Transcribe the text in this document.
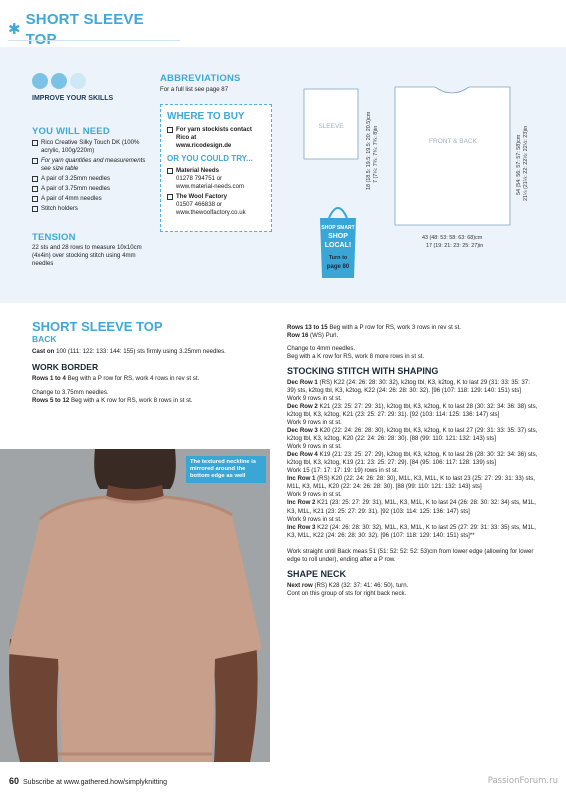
✱
SHORT SLEEVE TOP
IMPROVE YOUR SKILLS
YOU WILL NEED
Rico Creative Silky Touch DK (100% acrylic, 100g/220m)
For yarn quantities and measurements see size table
A pair of 3.25mm needles
A pair of 3.75mm needles
A pair of 4mm needles
Stitch holders
TENSION
22 sts and 28 rows to measure 10x10cm (4x4in) over stocking stitch using 4mm needles
ABBREVIATIONS
For a full list see page 87
WHERE TO BUY
For yarn stockists contact Rico at
www.ricodesign.de
OR YOU COULD TRY...
Material Needs
01278 794751 or
www.material-needs.com
The Wool Factory
01507 466838 or
www.thewoolfactory.co.uk
SLEEVE	18 (18.5: 19.5: 19.5: 20: 20.5)cm 7 (7¼: 7¾: 7¾: 7¾: 8)in	FRONT & BACK	54 (54: 56: 57: 57: 58)cm 21¼ (21¼: 22: 22½: 22½: 23)in
43 (48: 53: 58: 63: 68)cm
17 (19: 21: 23: 25: 27)in
SHOP SMART
SHOP
LOCAL!
Turn to
page 80
SHORT SLEEVE TOP
BACK
Cast on 100 (111: 122: 133: 144: 155) sts firmly using 3.25mm needles.
WORK BORDER
Rows 1 to 4 Beg with a P row for RS, work 4 rows in rev st st.
Change to 3.75mm needles.
Rows 5 to 12 Beg with a K row for RS, work 8 rows in st st.
The textured neckline is mirrored around the bottom edge as well
Rows 13 to 15 Beg with a P row for RS, work 3 rows in rev st st.
Row 16 (WS) Purl.
Change to 4mm needles.
Beg with a K row for RS, work 8 more rows in st st.
STOCKING STITCH WITH SHAPING

Dec Row 1 (RS) K22 (24: 26: 28: 30: 32), k2tog tbl, K3, k2tog, K to last 29 (31: 33: 35: 37: 39) sts, k2tog tbl, K3, k2tog, K22 (24: 26: 28: 30: 32). [96 (107: 118: 129: 140: 151) sts]

Work 9 rows in st st.

Dec Row 2 K21 (23: 25: 27: 29: 31), k2tog tbl, K3, k2tog, K to last 28 (30: 32: 34: 36: 38) sts, k2tog tbl, K3, k2tog, K21 (23: 25: 27: 29: 31). [92 (103: 114: 125: 136: 147) sts]

Work 9 rows in st st.

Dec Row 3 K20 (22: 24: 26: 28: 30), k2tog tbl, K3, k2tog, K to last 27 (29: 31: 33: 35: 37) sts, k2tog tbl, K3, k2tog, K20 (22: 24: 26: 28: 30). [88 (99: 110: 121: 132: 143) sts]

Work 9 rows in st st.

Dec Row 4 K19 (21: 23: 25: 27: 29), k2tog tbl, K3, k2tog, K to last 26 (28: 30: 32: 34: 36) sts, k2tog tbl, K3, k2tog, K19 (21: 23: 25: 27: 29). [84 (95: 106: 117: 128: 139) sts]

Work 15 (17: 17: 17: 19: 19) rows in st st.

Inc Row 1 (RS) K20 (22: 24: 26: 28: 30), M1L, K3, M1L, K to last 23 (25: 27: 29: 31: 33) sts, M1L, K3, M1L, K20 (22: 24: 26: 28: 30). [88 (99: 110: 121: 132: 143) sts]

Work 9 rows in st st.

Inc Row 2 K21 (23: 25: 27: 29: 31), M1L, K3, M1L, K to last 24 (26: 28: 30: 32: 34) sts, M1L, K3, M1L, K21 (23: 25: 27: 29: 31). [92 (103: 114: 125: 136: 147) sts]

Work 9 rows in st st.

Inc Row 3 K22 (24: 26: 28: 30: 32), M1L, K3, M1L, K to last 25 (27: 29: 31: 33: 35) sts, M1L, K3, M1L, K22 (24: 26: 28: 30: 32). [96 (107: 118: 129: 140: 151) sts]**

Work straight until Back meas 51 (51: 52: 52: 52: 53)cm from lower edge (allowing for lower edge to roll under), ending after a P row.

SHAPE NECK

Next row (RS) K28 (32: 37: 41: 46: 50), turn.

Cont on this group of sts for right back neck.

60 Subscribe at www.gathered.how/simplyknitting	PassionForum.ru
